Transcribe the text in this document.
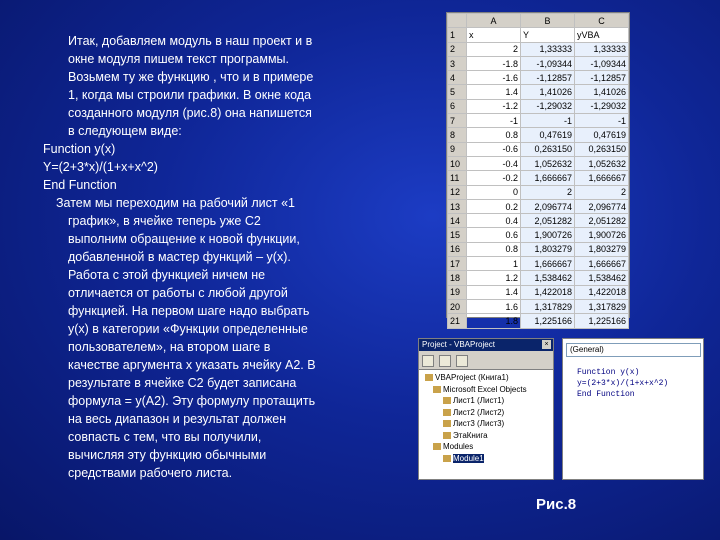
Итак, добавляем модуль в наш проект и в

окне модуля пишем текст программы.

Возьмем ту же функцию , что и в примере

1, когда мы строили графики. В окне кода

созданного модуля (рис.8) она напишется

в следующем виде:

Function y(x)

Y=(2+3*x)/(1+x+x^2)

End Function

Затем мы переходим на рабочий лист «1

график», в ячейке теперь уже С2

выполним обращение к новой функции,

добавленной в мастер функций – y(x).

Работа с этой функцией ничем не

отличается от работы с любой другой

функцией. На первом шаге надо выбрать

y(x) в категории «Функции определенные

пользователем», на втором шаге в

качестве аргумента х указать ячейку А2. В

результате в ячейке С2 будет записана

формула = y(A2). Эту формулу протащить

на весь диапазон и результат должен

совпасть с тем, что вы получили,

вычисляя эту функцию обычными

средствами рабочего листа.

	A	B	C
1	x	Y	yVBA
2	2	1,33333	1,33333
3	-1.8	-1,09344	-1,09344
4	-1.6	-1,12857	-1,12857
5	1.4	1,41026	1,41026
6	-1.2	-1,29032	-1,29032
7	-1	-1	-1
8	0.8	0,47619	0,47619
9	-0.6	0,263150	0,263150
10	-0.4	1,052632	1,052632
11	-0.2	1,666667	1,666667
12	0	2	2
13	0.2	2,096774	2,096774
14	0.4	2,051282	2,051282
15	0.6	1,900726	1,900726
16	0.8	1,803279	1,803279
17	1	1,666667	1,666667
18	1.2	1,538462	1,538462
19	1.4	1,422018	1,422018
20	1.6	1,317829	1,317829
21	1.8	1,225166	1,225166
Project - VBAProject	×

VBAProject (Книга1)
Microsoft Excel Objects
Лист1 (Лист1)
Лист2 (Лист2)
Лист3 (Лист3)
ЭтаКнига
Modules
Module1
(General)
Function y(x)
y=(2+3*x)/(1+x+x^2)
End Function
Рис.8
